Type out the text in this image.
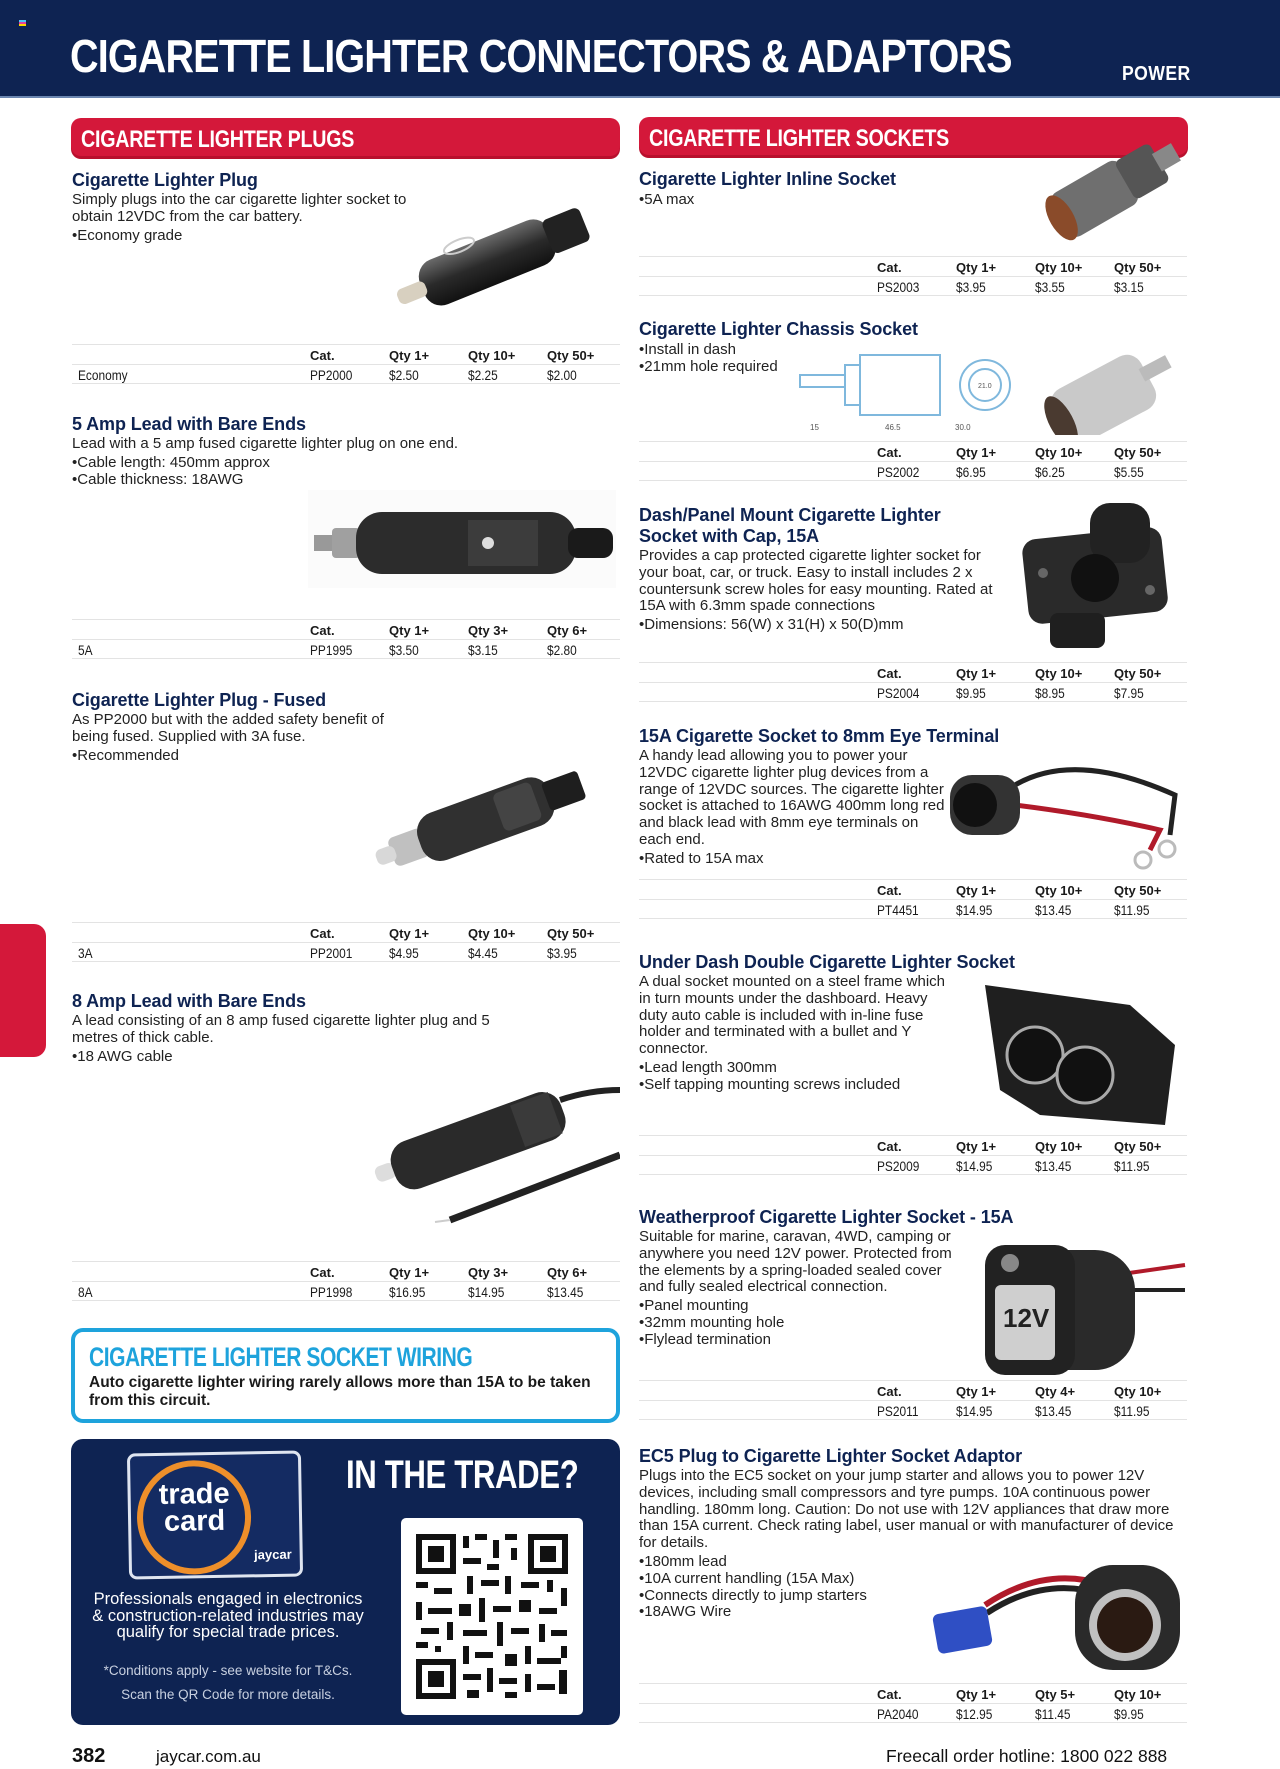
CIGARETTE LIGHTER CONNECTORS & ADAPTORS	POWER
CIGARETTE LIGHTER PLUGS
Cigarette Lighter Plug

Simply plugs into the car cigarette lighter socket to obtain 12VDC from the car battery.

• Economy grade
Cat.	Qty 1+	Qty 10+ Qty 50+
Economy	PP2000	$2.50	$2.25	$2.00
5 Amp Lead with Bare Ends

Lead with a 5 amp fused cigarette lighter plug on one end.

• Cable length: 450mm approx
• Cable thickness: 18AWG
Cat.	Qty 1+	Qty 3+	Qty 6+
5A	PP1995	$3.50	$3.15	$2.80
Cigarette Lighter Plug - Fused

As PP2000 but with the added safety benefit of being fused. Supplied with 3A fuse.

• Recommended
Cat.	Qty 1+	Qty 10+ Qty 50+
3A	PP2001	$4.95	$4.45	$3.95
8 Amp Lead with Bare Ends

A lead consisting of an 8 amp fused cigarette lighter plug and 5 metres of thick cable.

• 18 AWG cable
Cat.	Qty 1+	Qty 3+	Qty 6+
8A	PP1998	$16.95	$14.95	$13.45
CIGARETTE LIGHTER SOCKET WIRING

Auto cigarette lighter wiring rarely allows more than 15A to be taken from this circuit.

trade card
jaycar
IN THE TRADE?
Professionals engaged in electronics & construction-related industries may qualify for special trade prices.
*Conditions apply - see website for T&Cs.
Scan the QR Code for more details.
CIGARETTE LIGHTER SOCKETS
Cigarette Lighter Inline Socket
• 5A max
Cat.	Qty 1+	Qty 10+ Qty 50+
PS2003	$3.95	$3.55	$3.15
Cigarette Lighter Chassis Socket
• Install in dash
• 21mm hole required
15	46.5
21.0
30.0
Cat.	Qty 1+	Qty 10+ Qty 50+
PS2002	$6.95	$6.25	$5.55
Dash/Panel Mount Cigarette Lighter Socket with Cap, 15A

Provides a cap protected cigarette lighter socket for your boat, car, or truck. Easy to install includes 2 x countersunk screw holes for easy mounting. Rated at 15A with 6.3mm spade connections

• Dimensions: 56(W) x 31(H) x 50(D)mm
Cat.	Qty 1+	Qty 10+ Qty 50+
PS2004	$9.95	$8.95	$7.95
15A Cigarette Socket to 8mm Eye Terminal

A handy lead allowing you to power your 12VDC cigarette lighter plug devices from a range of 12VDC sources. The cigarette lighter socket is attached to 16AWG 400mm long red and black lead with 8mm eye terminals on each end.

• Rated to 15A max
Cat.	Qty 1+	Qty 10+ Qty 50+
PT4451	$14.95	$13.45	$11.95
Under Dash Double Cigarette Lighter Socket

A dual socket mounted on a steel frame which in turn mounts under the dashboard. Heavy duty auto cable is included with in-line fuse holder and terminated with a bullet and Y connector.

• Lead length 300mm
• Self tapping mounting screws included
Cat.	Qty 1+	Qty 10+ Qty 50+
PS2009	$14.95	$13.45	$11.95
Weatherproof Cigarette Lighter Socket - 15A

Suitable for marine, caravan, 4WD, camping or anywhere you need 12V power. Protected from the elements by a spring-loaded sealed cover and fully sealed electrical connection.

• Panel mounting
• 32mm mounting hole
• Flylead termination
12V
Cat.	Qty 1+	Qty 4+	Qty 10+
PS2011	$14.95	$13.45	$11.95
EC5 Plug to Cigarette Lighter Socket Adaptor

Plugs into the EC5 socket on your jump starter and allows you to power 12V devices, including small compressors and tyre pumps. 10A continuous power handling. 180mm long. Caution: Do not use with 12V appliances that draw more than 15A current. Check rating label, user manual or with manufacturer of device for details.

• 180mm lead
• 10A current handling (15A Max)
• Connects directly to jump starters
• 18AWG Wire
Cat.	Qty 1+	Qty 5+	Qty 10+
PA2040	$12.95	$11.45	$9.95
382	jaycar.com.au	Freecall order hotline: 1800 022 888
